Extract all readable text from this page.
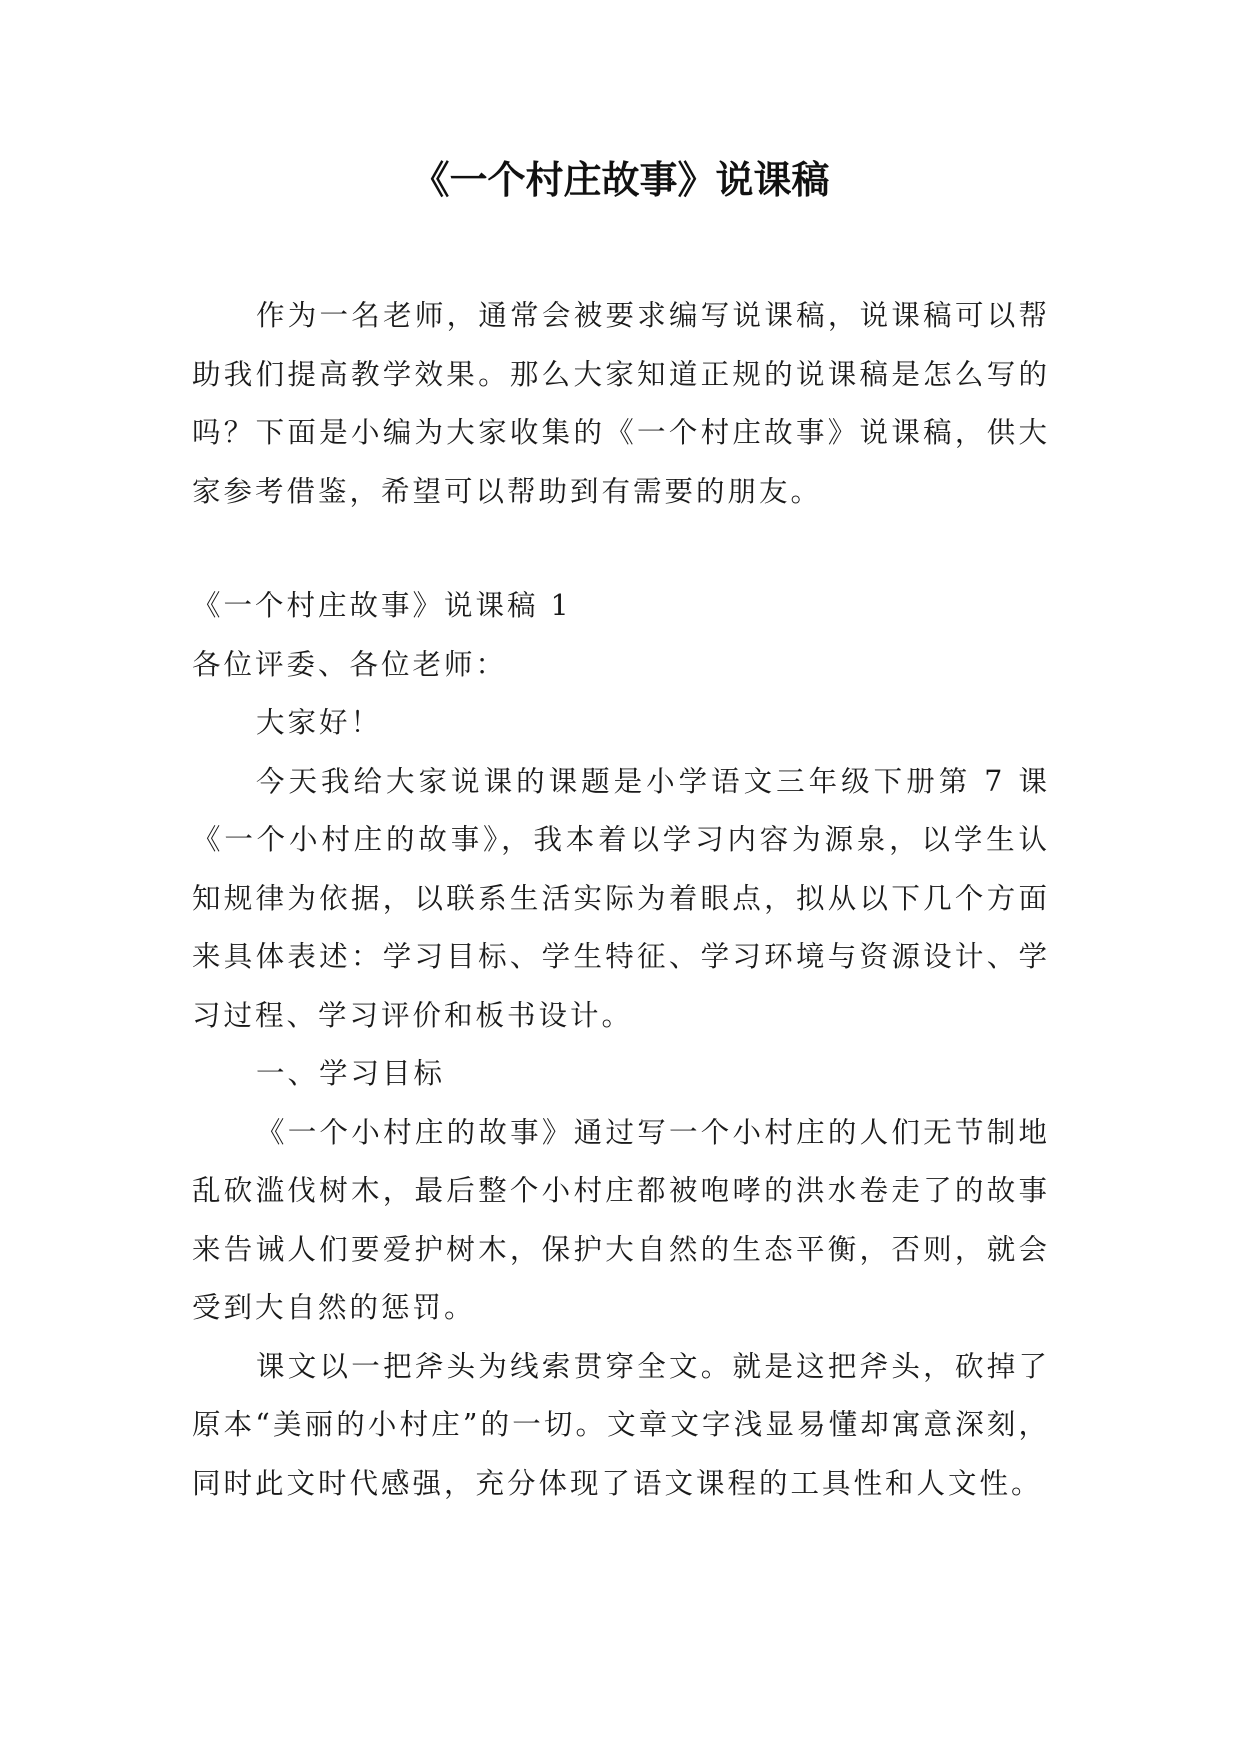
《一个村庄故事》说课稿

作为一名老师，通常会被要求编写说课稿，说课稿可以帮助我们提高教学效果。那么大家知道正规的说课稿是怎么写的吗？下面是小编为大家收集的《一个村庄故事》说课稿，供大家参考借鉴，希望可以帮助到有需要的朋友。

《一个村庄故事》说课稿 1

各位评委、各位老师：

大家好！

今天我给大家说课的课题是小学语文三年级下册第 7 课《一个小村庄的故事》，我本着以学习内容为源泉，以学生认知规律为依据，以联系生活实际为着眼点，拟从以下几个方面来具体表述：学习目标、学生特征、学习环境与资源设计、学习过程、学习评价和板书设计。

一、学习目标

《一个小村庄的故事》通过写一个小村庄的人们无节制地乱砍滥伐树木，最后整个小村庄都被咆哮的洪水卷走了的故事来告诫人们要爱护树木，保护大自然的生态平衡，否则，就会受到大自然的惩罚。

课文以一把斧头为线索贯穿全文。就是这把斧头，砍掉了原本“美丽的小村庄”的一切。文章文字浅显易懂却寓意深刻，同时此文时代感强，充分体现了语文课程的工具性和人文性。
